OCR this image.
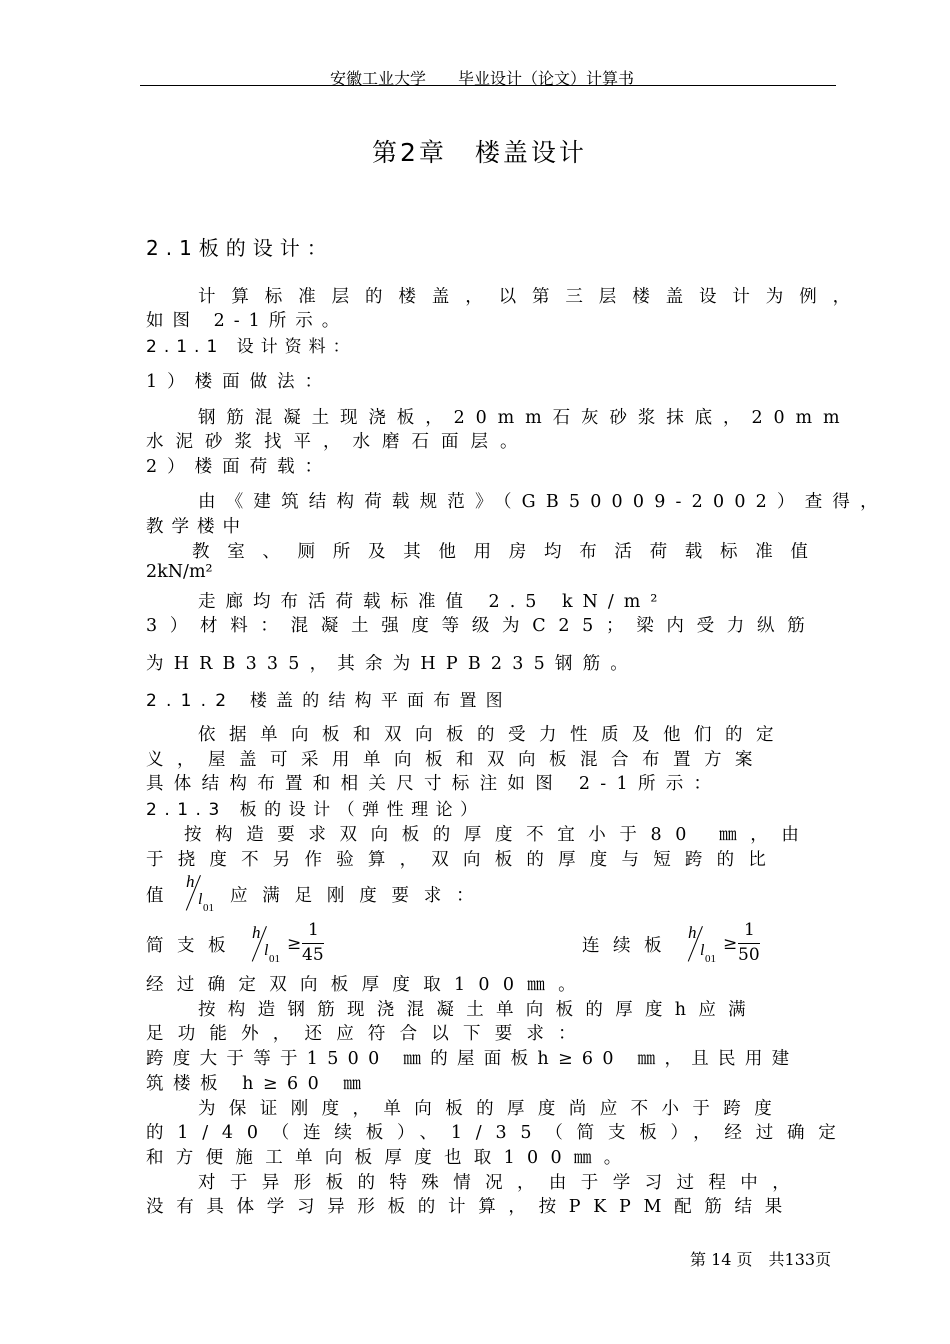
安徽工业大学　　毕业设计（论文）计算书
第2章　楼盖设计
2.1板的设计：
计算标准层的楼盖，以第三层楼盖设计为例，
如图 2-1所示。
2.1.1 设计资料：
1）楼面做法：
钢筋混凝土现浇板，20mm石灰砂浆抹底，20mm
水泥砂浆找平，水磨石面层。
2）楼面荷载：
由《建筑结构荷载规范》（GB50009-2002）查得，
教学楼中
教室、厕所及其他用房均布活荷载标准值
2kN/m²
走廊均布活荷载标准值 2.5 kN/m²
3）材料：混凝土强度等级为C25；梁内受力纵筋
为HRB335，其余为HPB235钢筋。
2.1.2 楼盖的结构平面布置图
依据单向板和双向板的受力性质及他们的定
义，屋盖可采用单向板和双向板混合布置方案
具体结构布置和相关尺寸标注如图 2-1所示：
2.1.3 板的设计（弹性理论）
按构造要求双向板的厚度不宜小于80 ㎜，由
于挠度不另作验算，双向板的厚度与短跨的比
值
h
l 01
应满足刚度要求：
简支板
h
l 01
≥
1
45	连续板
h
l 01
≥
1
50
经过确定双向板厚度取100㎜。
按构造钢筋现浇混凝土单向板的厚度h应满
足功能外，还应符合以下要求：
跨度大于等于1500 ㎜的屋面板h≥60 ㎜，且民用建
筑楼板 h≥60 ㎜
为保证刚度，单向板的厚度尚应不小于跨度
的1/40（连续板）、1/35（简支板），经过确定
和方便施工单向板厚度也取100㎜。
对于异形板的特殊情况，由于学习过程中，
没有具体学习异形板的计算，按PKPM配筋结果
第 14 页　共133页
